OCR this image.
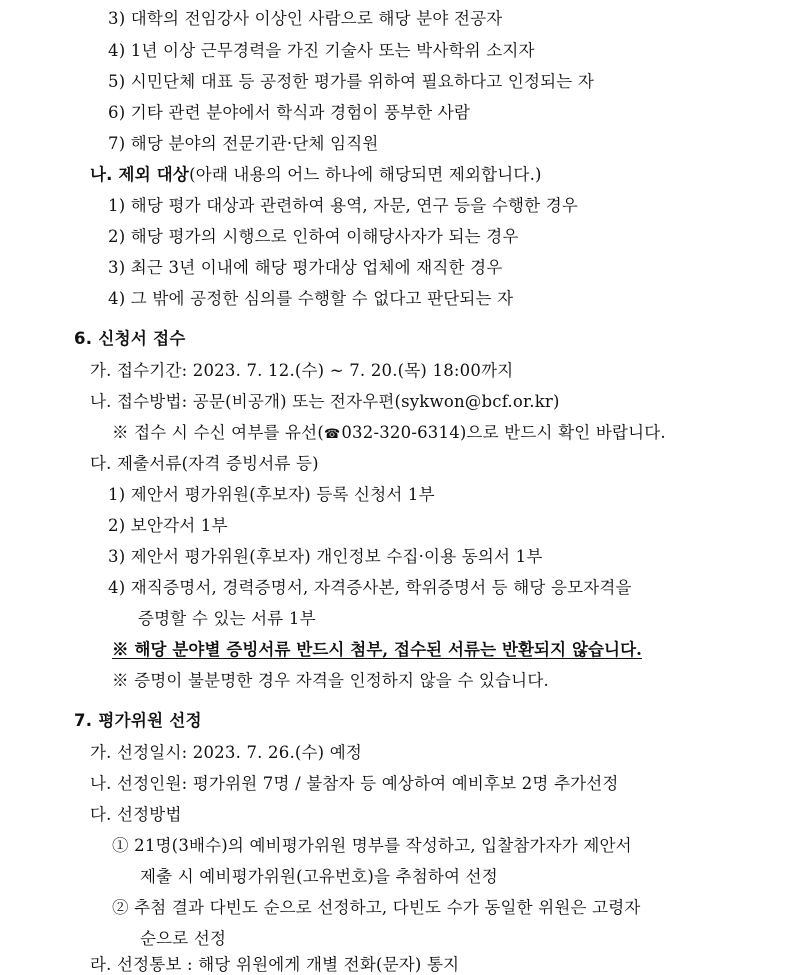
3) 대학의 전임강사 이상인 사람으로 해당 분야 전공자
4) 1년 이상 근무경력을 가진 기술사 또는 박사학위 소지자
5) 시민단체 대표 등 공정한 평가를 위하여 필요하다고 인정되는 자
6) 기타 관련 분야에서 학식과 경험이 풍부한 사람
7) 해당 분야의 전문기관·단체 임직원
나. 제외 대상(아래 내용의 어느 하나에 해당되면 제외합니다.)
1) 해당 평가 대상과 관련하여 용역, 자문, 연구 등을 수행한 경우
2) 해당 평가의 시행으로 인하여 이해당사자가 되는 경우
3) 최근 3년 이내에 해당 평가대상 업체에 재직한 경우
4) 그 밖에 공정한 심의를 수행할 수 없다고 판단되는 자
6. 신청서 접수
가. 접수기간: 2023. 7. 12.(수) ~ 7. 20.(목) 18:00까지
나. 접수방법: 공문(비공개) 또는 전자우편(sykwon@bcf.or.kr)
※ 접수 시 수신 여부를 유선(☎032-320-6314)으로 반드시 확인 바랍니다.
다. 제출서류(자격 증빙서류 등)
1) 제안서 평가위원(후보자) 등록 신청서 1부
2) 보안각서 1부
3) 제안서 평가위원(후보자) 개인정보 수집·이용 동의서 1부
4) 재직증명서, 경력증명서, 자격증사본, 학위증명서 등 해당 응모자격을
증명할 수 있는 서류 1부
※ 해당 분야별 증빙서류 반드시 첨부, 접수된 서류는 반환되지 않습니다.
※ 증명이 불분명한 경우 자격을 인정하지 않을 수 있습니다.
7. 평가위원 선정
가. 선정일시: 2023. 7. 26.(수) 예정
나. 선정인원: 평가위원 7명 / 불참자 등 예상하여 예비후보 2명 추가선정
다. 선정방법
① 21명(3배수)의 예비평가위원 명부를 작성하고, 입찰참가자가 제안서
제출 시 예비평가위원(고유번호)을 추첨하여 선정
② 추첨 결과 다빈도 순으로 선정하고, 다빈도 수가 동일한 위원은 고령자
순으로 선정
라. 선정통보 : 해당 위원에게 개별 전화(문자) 통지
